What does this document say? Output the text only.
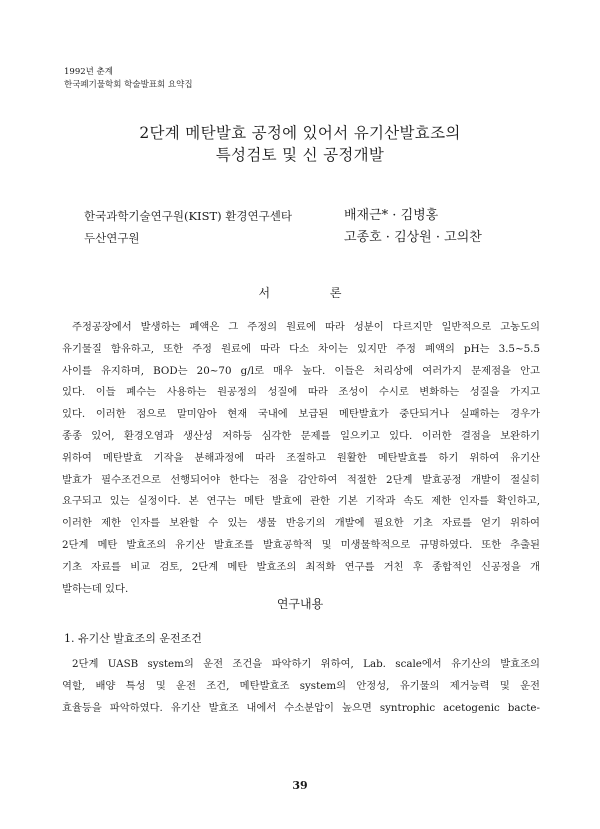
1992년 춘계
한국폐기물학회 학술발표회 요약집
2단계 메탄발효 공정에 있어서 유기산발효조의
특성검토 및 신 공정개발
한국과학기술연구원(KIST) 환경연구센타
두산연구원
배재근* · 김병홍
고종호 · 김상원 · 고의찬
서 론
주정공장에서 발생하는 폐액은 그 주정의 원료에 따라 성분이 다르지만 일반적으로 고농도의
유기물질 함유하고, 또한 주정 원료에 따라 다소 차이는 있지만 주정 폐액의 pH는 3.5∼5.5
사이를 유지하며, BOD는 20∼70 g/l로 매우 높다. 이들은 처리상에 여러가지 문제점을 안고
있다. 이들 폐수는 사용하는 원공정의 성질에 따라 조성이 수시로 변화하는 성질을 가지고
있다. 이러한 점으로 말미암아 현재 국내에 보급된 메탄발효가 중단되거나 실패하는 경우가
종종 있어, 환경오염과 생산성 저하등 심각한 문제를 일으키고 있다. 이러한 결점을 보완하기
위하여 메탄발효 기작을 분해과정에 따라 조절하고 원활한 메탄발효를 하기 위하여 유기산
발효가 필수조건으로 선행되어야 한다는 점을 감안하여 적절한 2단계 발효공정 개발이 절실히
요구되고 있는 실정이다. 본 연구는 메탄 발효에 관한 기본 기작과 속도 제한 인자를 확인하고,
이러한 제한 인자를 보완할 수 있는 생물 반응기의 개발에 필요한 기초 자료를 얻기 위하여
2단계 메탄 발효조의 유기산 발효조를 발효공학적 및 미생물학적으로 규명하였다. 또한 추출된
기초 자료를 비교 검토, 2단계 메탄 발효조의 최적화 연구를 거친 후 종합적인 신공정을 개
발하는데 있다.
연구내용
1. 유기산 발효조의 운전조건
2단계 UASB system의 운전 조건을 파악하기 위하여, Lab. scale에서 유기산의 발효조의
역할, 배양 특성 및 운전 조건, 메탄발효조 system의 안정성, 유기물의 제거능력 및 운전
효율등을 파악하였다. 유기산 발효조 내에서 수소분압이 높으면 syntrophic acetogenic bacte-
39
